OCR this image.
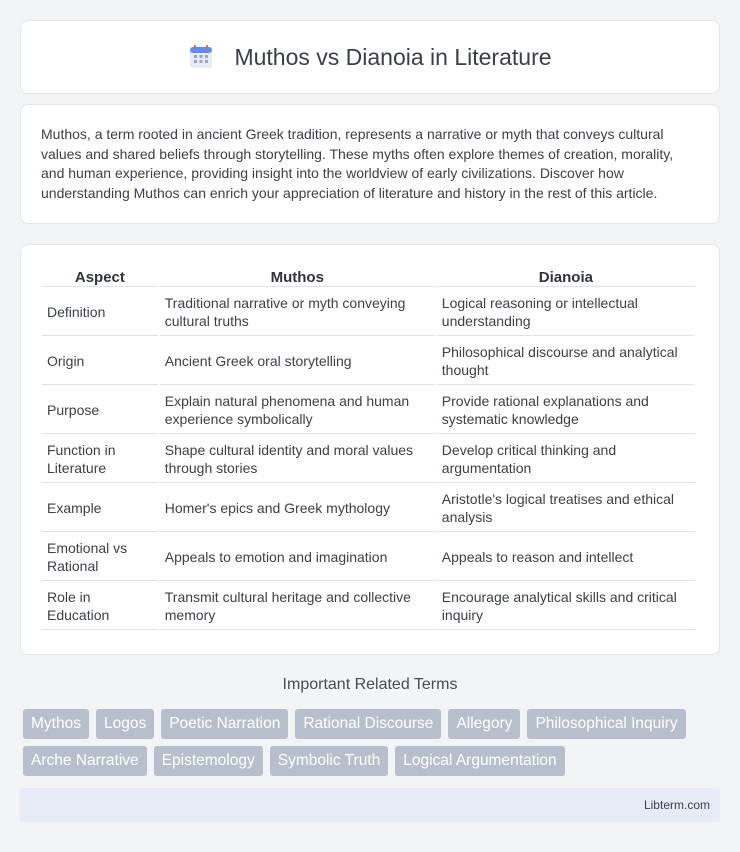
Muthos vs Dianoia in Literature

Muthos, a term rooted in ancient Greek tradition, represents a narrative or myth that conveys cultural values and shared beliefs through storytelling. These myths often explore themes of creation, morality, and human experience, providing insight into the worldview of early civilizations. Discover how understanding Muthos can enrich your appreciation of literature and history in the rest of this article.

Aspect	Muthos	Dianoia
Definition	Traditional narrative or myth conveying cultural truths	Logical reasoning or intellectual understanding
Origin	Ancient Greek oral storytelling	Philosophical discourse and analytical thought
Purpose	Explain natural phenomena and human experience symbolically	Provide rational explanations and systematic knowledge
Function in Literature	Shape cultural identity and moral values through stories	Develop critical thinking and argumentation
Example	Homer's epics and Greek mythology	Aristotle's logical treatises and ethical analysis
Emotional vs Rational	Appeals to emotion and imagination	Appeals to reason and intellect
Role in Education	Transmit cultural heritage and collective memory	Encourage analytical skills and critical inquiry
Important Related Terms
Mythos	Logos	Poetic Narration	Rational Discourse	Allegory	Philosophical Inquiry
Arche Narrative	Epistemology	Symbolic Truth	Logical Argumentation
Libterm.com
